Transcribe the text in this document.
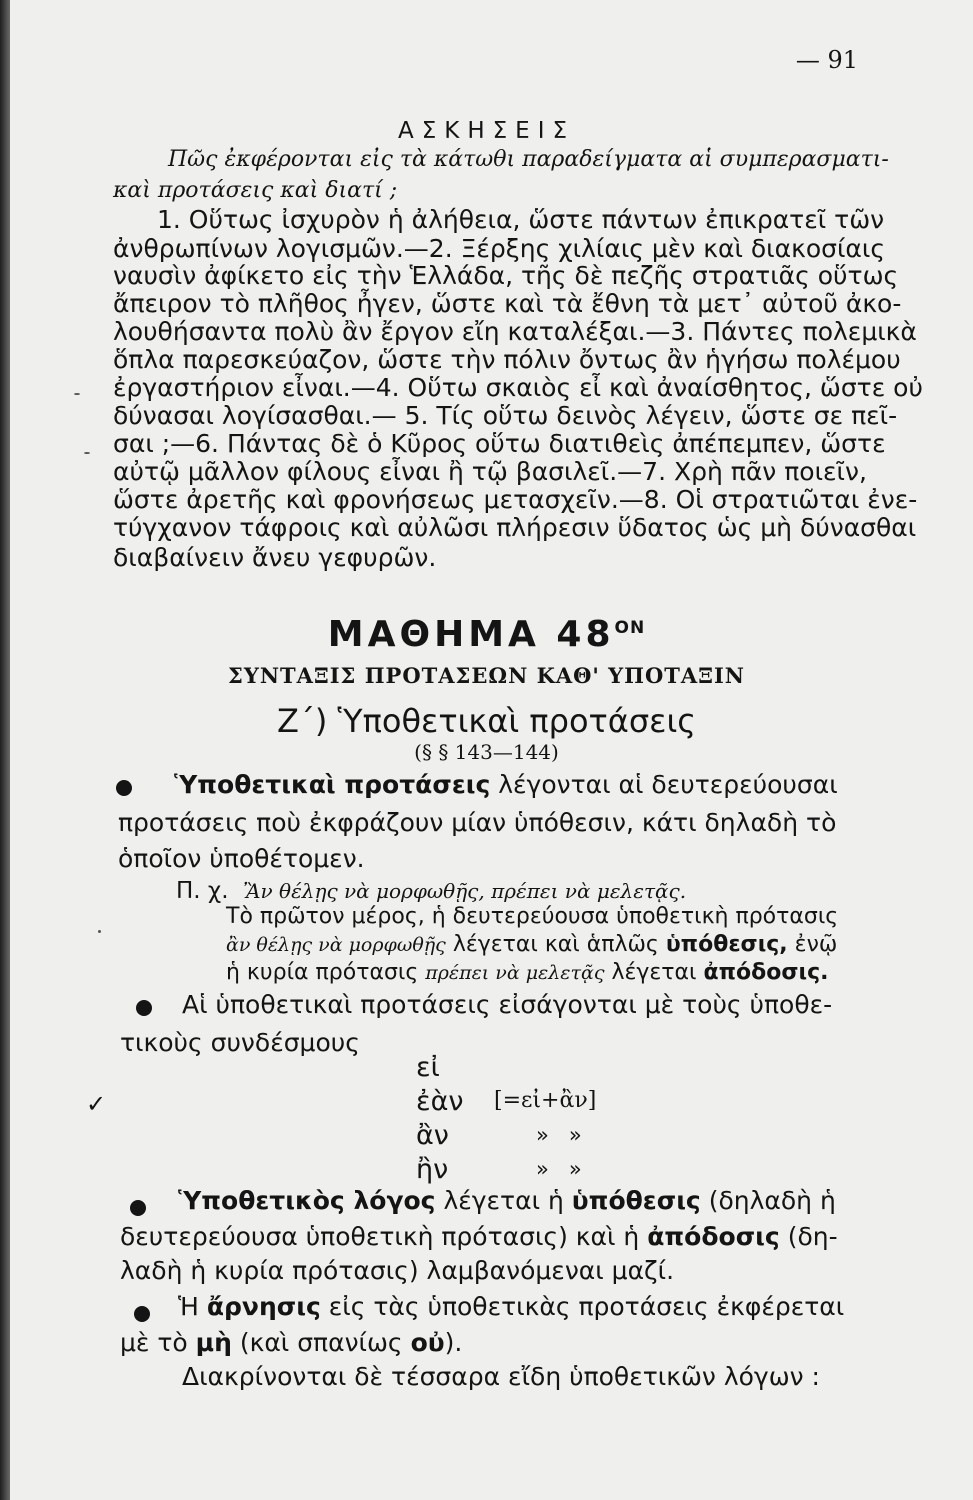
— 91
ΑΣΚΗΣΕΙΣ
Πῶς ἐκφέρονται εἰς τὰ κάτωθι παραδείγματα αἱ συμπερασματι-
καὶ προτάσεις καὶ διατί ;
1. Οὕτως ἰσχυρὸν ἡ ἀλήθεια, ὥστε πάντων ἐπικρατεῖ τῶν
ἀνθρωπίνων λογισμῶν.—2. Ξέρξης χιλίαις μὲν καὶ διακοσίαις
ναυσὶν ἀφίκετο εἰς τὴν Ἑλλάδα, τῆς δὲ πεζῆς στρατιᾶς οὕτως
ἄπειρον τὸ πλῆθος ἦγεν, ὥστε καὶ τὰ ἔθνη τὰ μετ᾽ αὐτοῦ ἀκο-
λουθήσαντα πολὺ ἂν ἔργον εἴη καταλέξαι.—3. Πάντες πολεμικὰ
ὅπλα παρεσκεύαζον, ὥστε τὴν πόλιν ὄντως ἂν ἡγήσω πολέμου
ἐργαστήριον εἶναι.—4. Οὕτω σκαιὸς εἶ καὶ ἀναίσθητος, ὥστε οὐ
δύνασαι λογίσασθαι.— 5. Τίς οὕτω δεινὸς λέγειν, ὥστε σε πεῖ-
σαι ;—6. Πάντας δὲ ὁ Κῦρος οὕτω διατιθεὶς ἀπέπεμπεν, ὥστε
αὐτῷ μᾶλλον φίλους εἶναι ἢ τῷ βασιλεῖ.—7. Χρὴ πᾶν ποιεῖν,
ὥστε ἀρετῆς καὶ φρονήσεως μετασχεῖν.—8. Οἱ στρατιῶται ἐνε-
τύγχανον τάφροις καὶ αὐλῶσι πλήρεσιν ὕδατος ὡς μὴ δύνασθαι
διαβαίνειν ἄνευ γεφυρῶν.
ΜΑΘΗΜΑ $48^{ON}$
ΣΥΝΤΑΞΙΣ ΠΡΟΤΑΣΕΩΝ ΚΑΘ' ΥΠΟΤΑΞΙΝ
Ζ΄) Ὑποθετικαὶ προτάσεις
(§ § 143—144)
Ὑποθετικαὶ προτάσεις λέγονται αἱ δευτερεύουσαι
προτάσεις ποὺ ἐκφράζουν μίαν ὑπόθεσιν, κάτι δηλαδὴ τὸ
ὁποῖον ὑποθέτομεν.
Π. χ. Ἂν θέλῃς νὰ μορφωθῇς, πρέπει νὰ μελετᾷς.
Τὸ πρῶτον μέρος, ἡ δευτερεύουσα ὑποθετικὴ πρότασις
ἂν θέλῃς νὰ μορφωθῇς λέγεται καὶ ἁπλῶς ὑπόθεσις, ἐνῷ
ἡ κυρία πρότασις πρέπει νὰ μελετᾷς λέγεται ἀπόδοσις.
Αἱ ὑποθετικαὶ προτάσεις εἰσάγονται μὲ τοὺς ὑποθε-
τικοὺς συνδέσμους
εἰ
ἐὰν [=εἰ+ἂν]
ἂν	»   »
ἢν	»   »
Ὑποθετικὸς λόγος λέγεται ἡ ὑπόθεσις (δηλαδὴ ἡ
δευτερεύουσα ὑποθετικὴ πρότασις) καὶ ἡ ἀπόδοσις (δη-
λαδὴ ἡ κυρία πρότασις) λαμβανόμεναι μαζί.
Ἡ ἄρνησις εἰς τὰς ὑποθετικὰς προτάσεις ἐκφέρεται
μὲ τὸ μὴ (καὶ σπανίως οὐ).
Διακρίνονται δὲ τέσσαρα εἴδη ὑποθετικῶν λόγων :
✓
